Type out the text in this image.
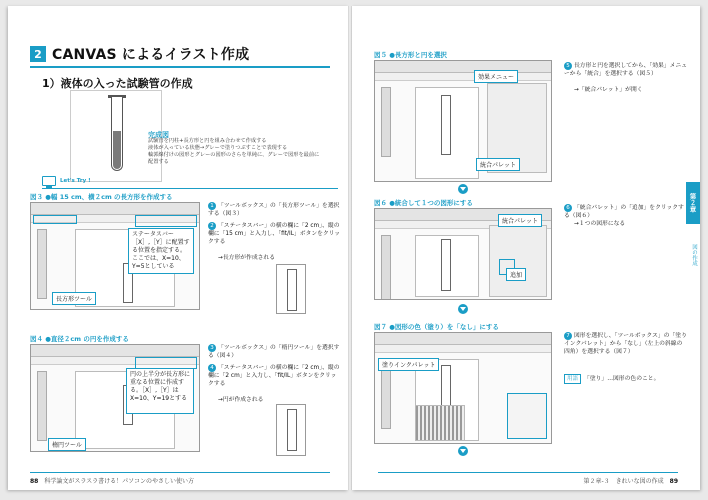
2 CANVAS によるイラスト作成
1）液体の入った試験管の作成
完成図
試験管を円柱+長方形と円を組み合わせて作成する
液体が入っている状態→グレーで塗りつぶすことで表現する
輪郭線付けの図形とグレーの図形のさらを単純に、グレーで図形を最前に
配置する
Let's Try !
図３ ●幅 15 cm、横２cm の長方形を作成する
ステータスバー［X］,［Y］に配置する位置を指定する。ここでは、X=10、Y=5としている
長方形ツール
1 「ツールボックス」の「長方形ツール」を選択する（図３）
2 「ステータスバー」の横の欄に「2 cm」、縦の欄に「15 cm」と入力し、「fit/IL」ボタンをクリックする
→長方形が作成される
図４ ●直径２cm の円を作成する
円の上半分が長方形に重なる位置に作成する。［X］,［Y］はX=10、Y=19とする
楕円ツール
3 「ツールボックス」の「楕円ツール」を選択する（図４）
4 「ステータスバー」の横の欄に「2 cm」、縦の欄に「2 cm」と入力し、「fit/IL」ボタンをクリックする
→円が作成される
88 科学論文がスラスラ書ける！パソコンのやさしい使い方
図５ ●長方形と円を選択
効果メニュー
統合パレット
5 長方形と円を選択してから、「効果」メニューから「統合」を選択する（図５）
→「統合パレット」が開く
図６ ●統合して１つの図形にする
統合パレット
追加
6 「統合パレット」の「追加」をクリックする（図６）
→１つの図形になる
図７ ●図形の色（塗り）を「なし」にする
塗りインクパレット
7 図形を選択し、「ツールボックス」の「塗りインクパレット」から「なし」（左上の斜線の四角）を選択する（図７）
用語 「塗り」…図形の色のこと。
第２章
図の作成
第２章-３　きれいな図の作成 89
